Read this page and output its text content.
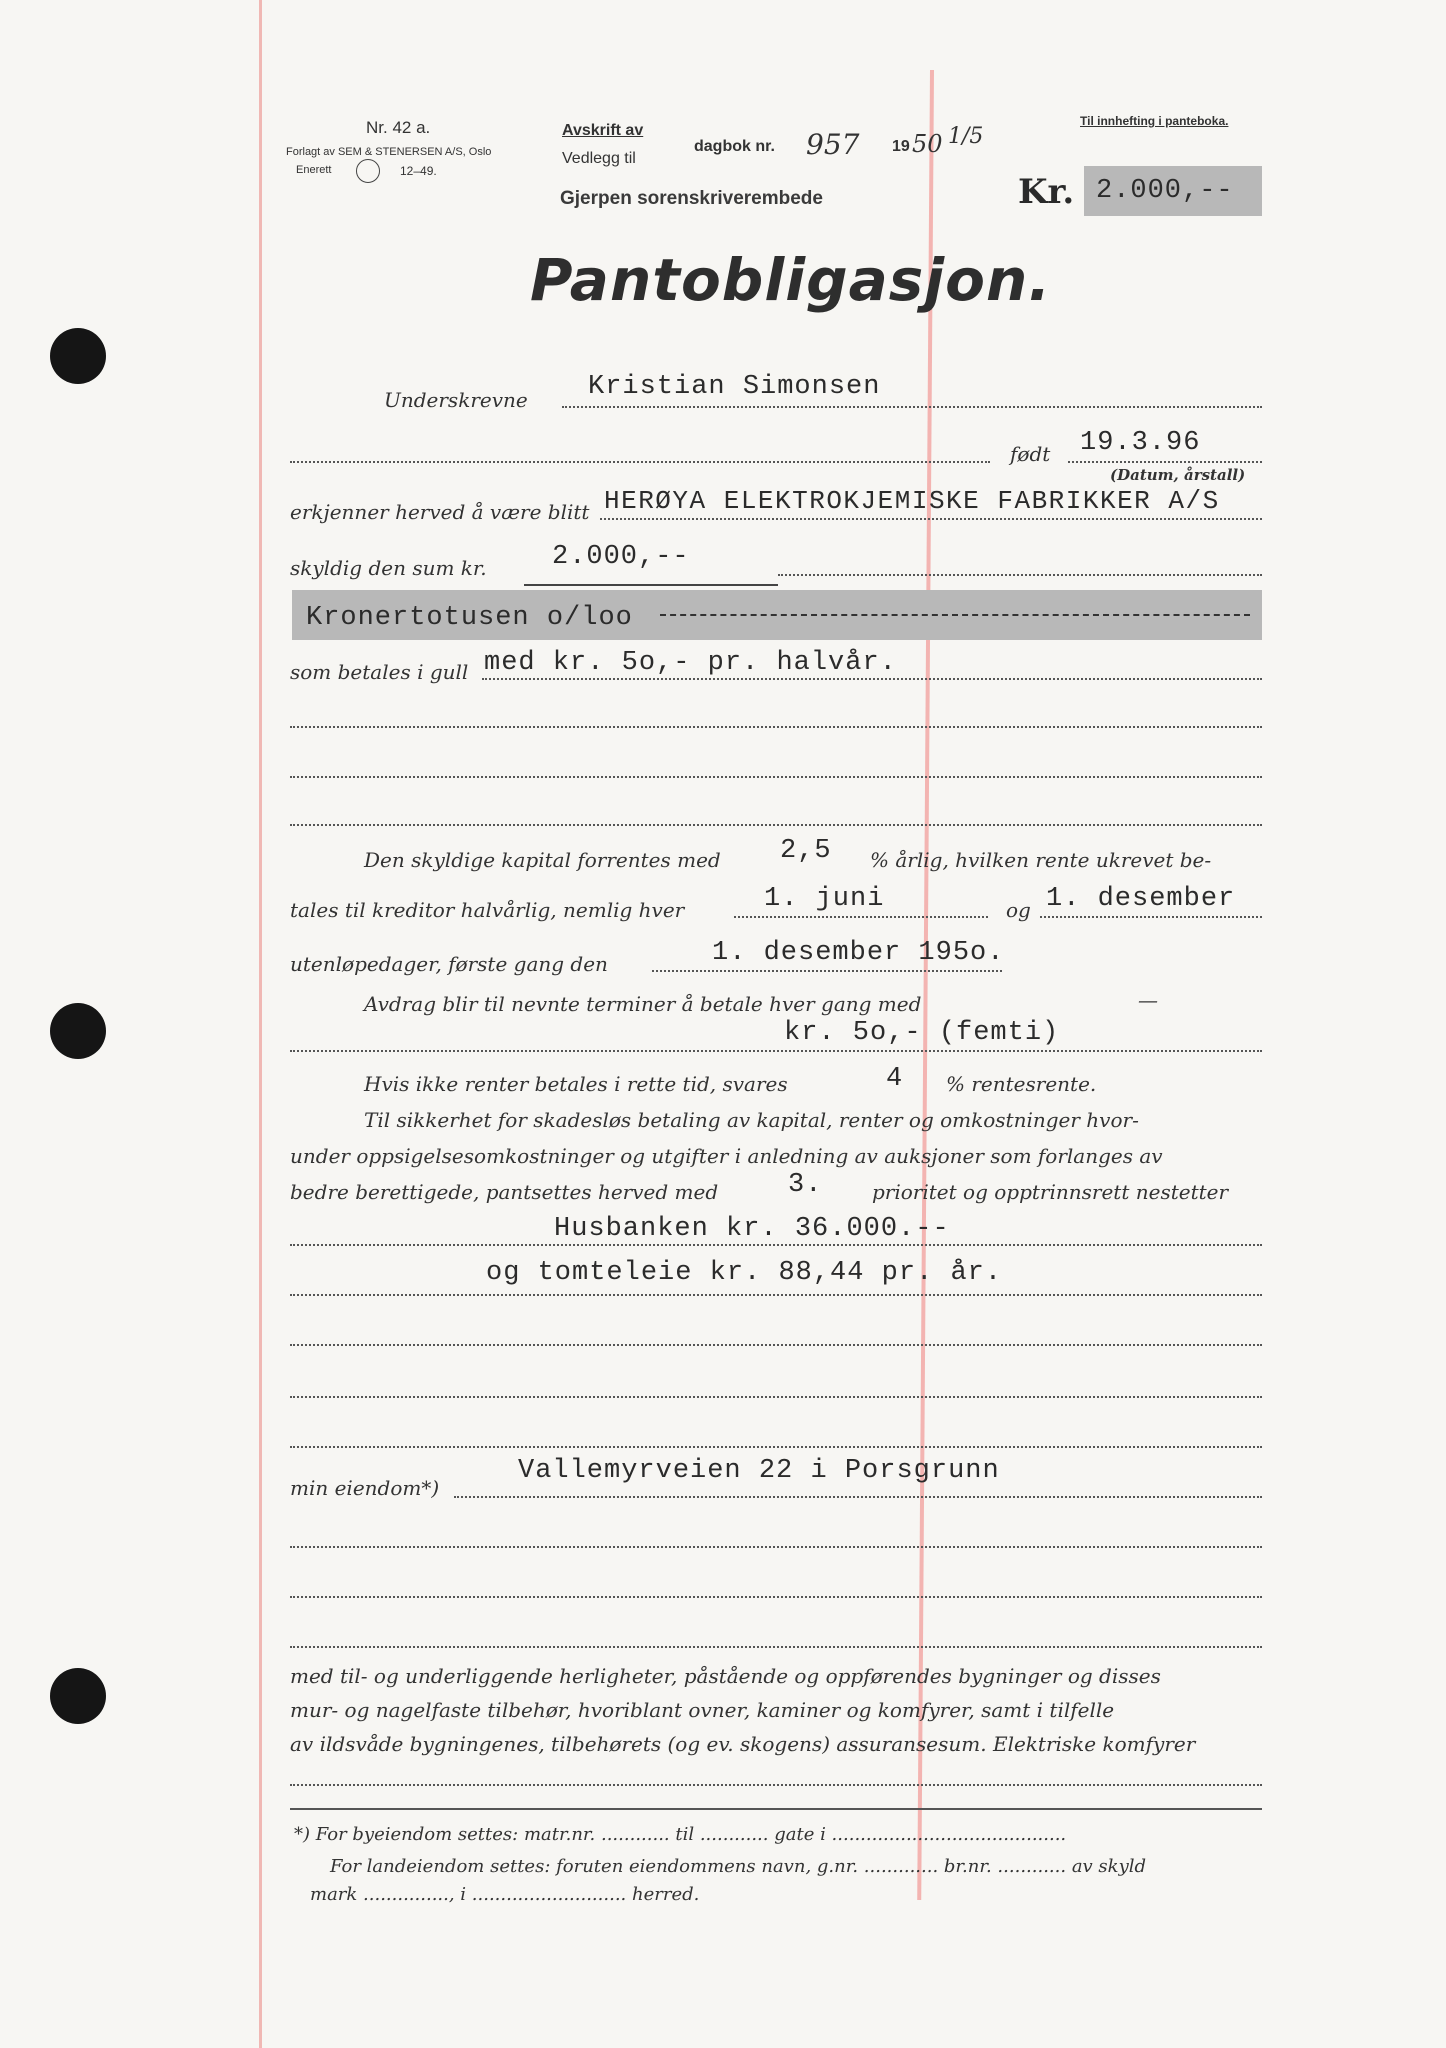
Nr. 42 a.
Forlagt av SEM & STENERSEN A/S, Oslo
Enerett	12–49.
Avskrift av
Vedlegg til
dagbok nr. 957 19 50 1/5
Gjerpen sorenskriverembede
Til innhefting i panteboka.
Kr. 2.000,--
Pantobligasjon.
Underskrevne Kristian Simonsen
født 19.3.96
(Datum, årstall)
erkjenner herved å være blitt HERØYA ELEKTROKJEMISKE FABRIKKER A/S
skyldig den sum kr. 2.000,--
Kronertotusen o/loo
som betales i gull med kr. 5o,- pr. halvår.
Den skyldige kapital forrentes med 2,5 % årlig, hvilken rente ukrevet be-
tales til kreditor halvårlig, nemlig hver	1. juni	og 1. desember
utenløpedager, første gang den	1. desember 195o.
Avdrag blir til nevnte terminer å betale hver gang med	—
kr. 5o,- (femti)
Hvis ikke renter betales i rette tid, svares	4 % rentesrente.
Til sikkerhet for skadesløs betaling av kapital, renter og omkostninger hvor-
under oppsigelsesomkostninger og utgifter i anledning av auksjoner som forlanges av
bedre berettigede, pantsettes herved med	3. prioritet og opptrinnsrett nestetter
Husbanken kr. 36.000.--
og tomteleie kr. 88,44 pr. år.
min eiendom*)
Vallemyrveien 22 i Porsgrunn
med til- og underliggende herligheter, påstående og oppførendes bygninger og disses
mur- og nagelfaste tilbehør, hvoriblant ovner, kaminer og komfyrer, samt i tilfelle
av ildsvåde bygningenes, tilbehørets (og ev. skogens) assuransesum. Elektriske komfyrer
*) For byeiendom settes: matr.nr. ............ til ............ gate i .........................................
For landeiendom settes: foruten eiendommens navn, g.nr. ............. br.nr. ............ av skyld
mark ..............., i ........................... herred.
